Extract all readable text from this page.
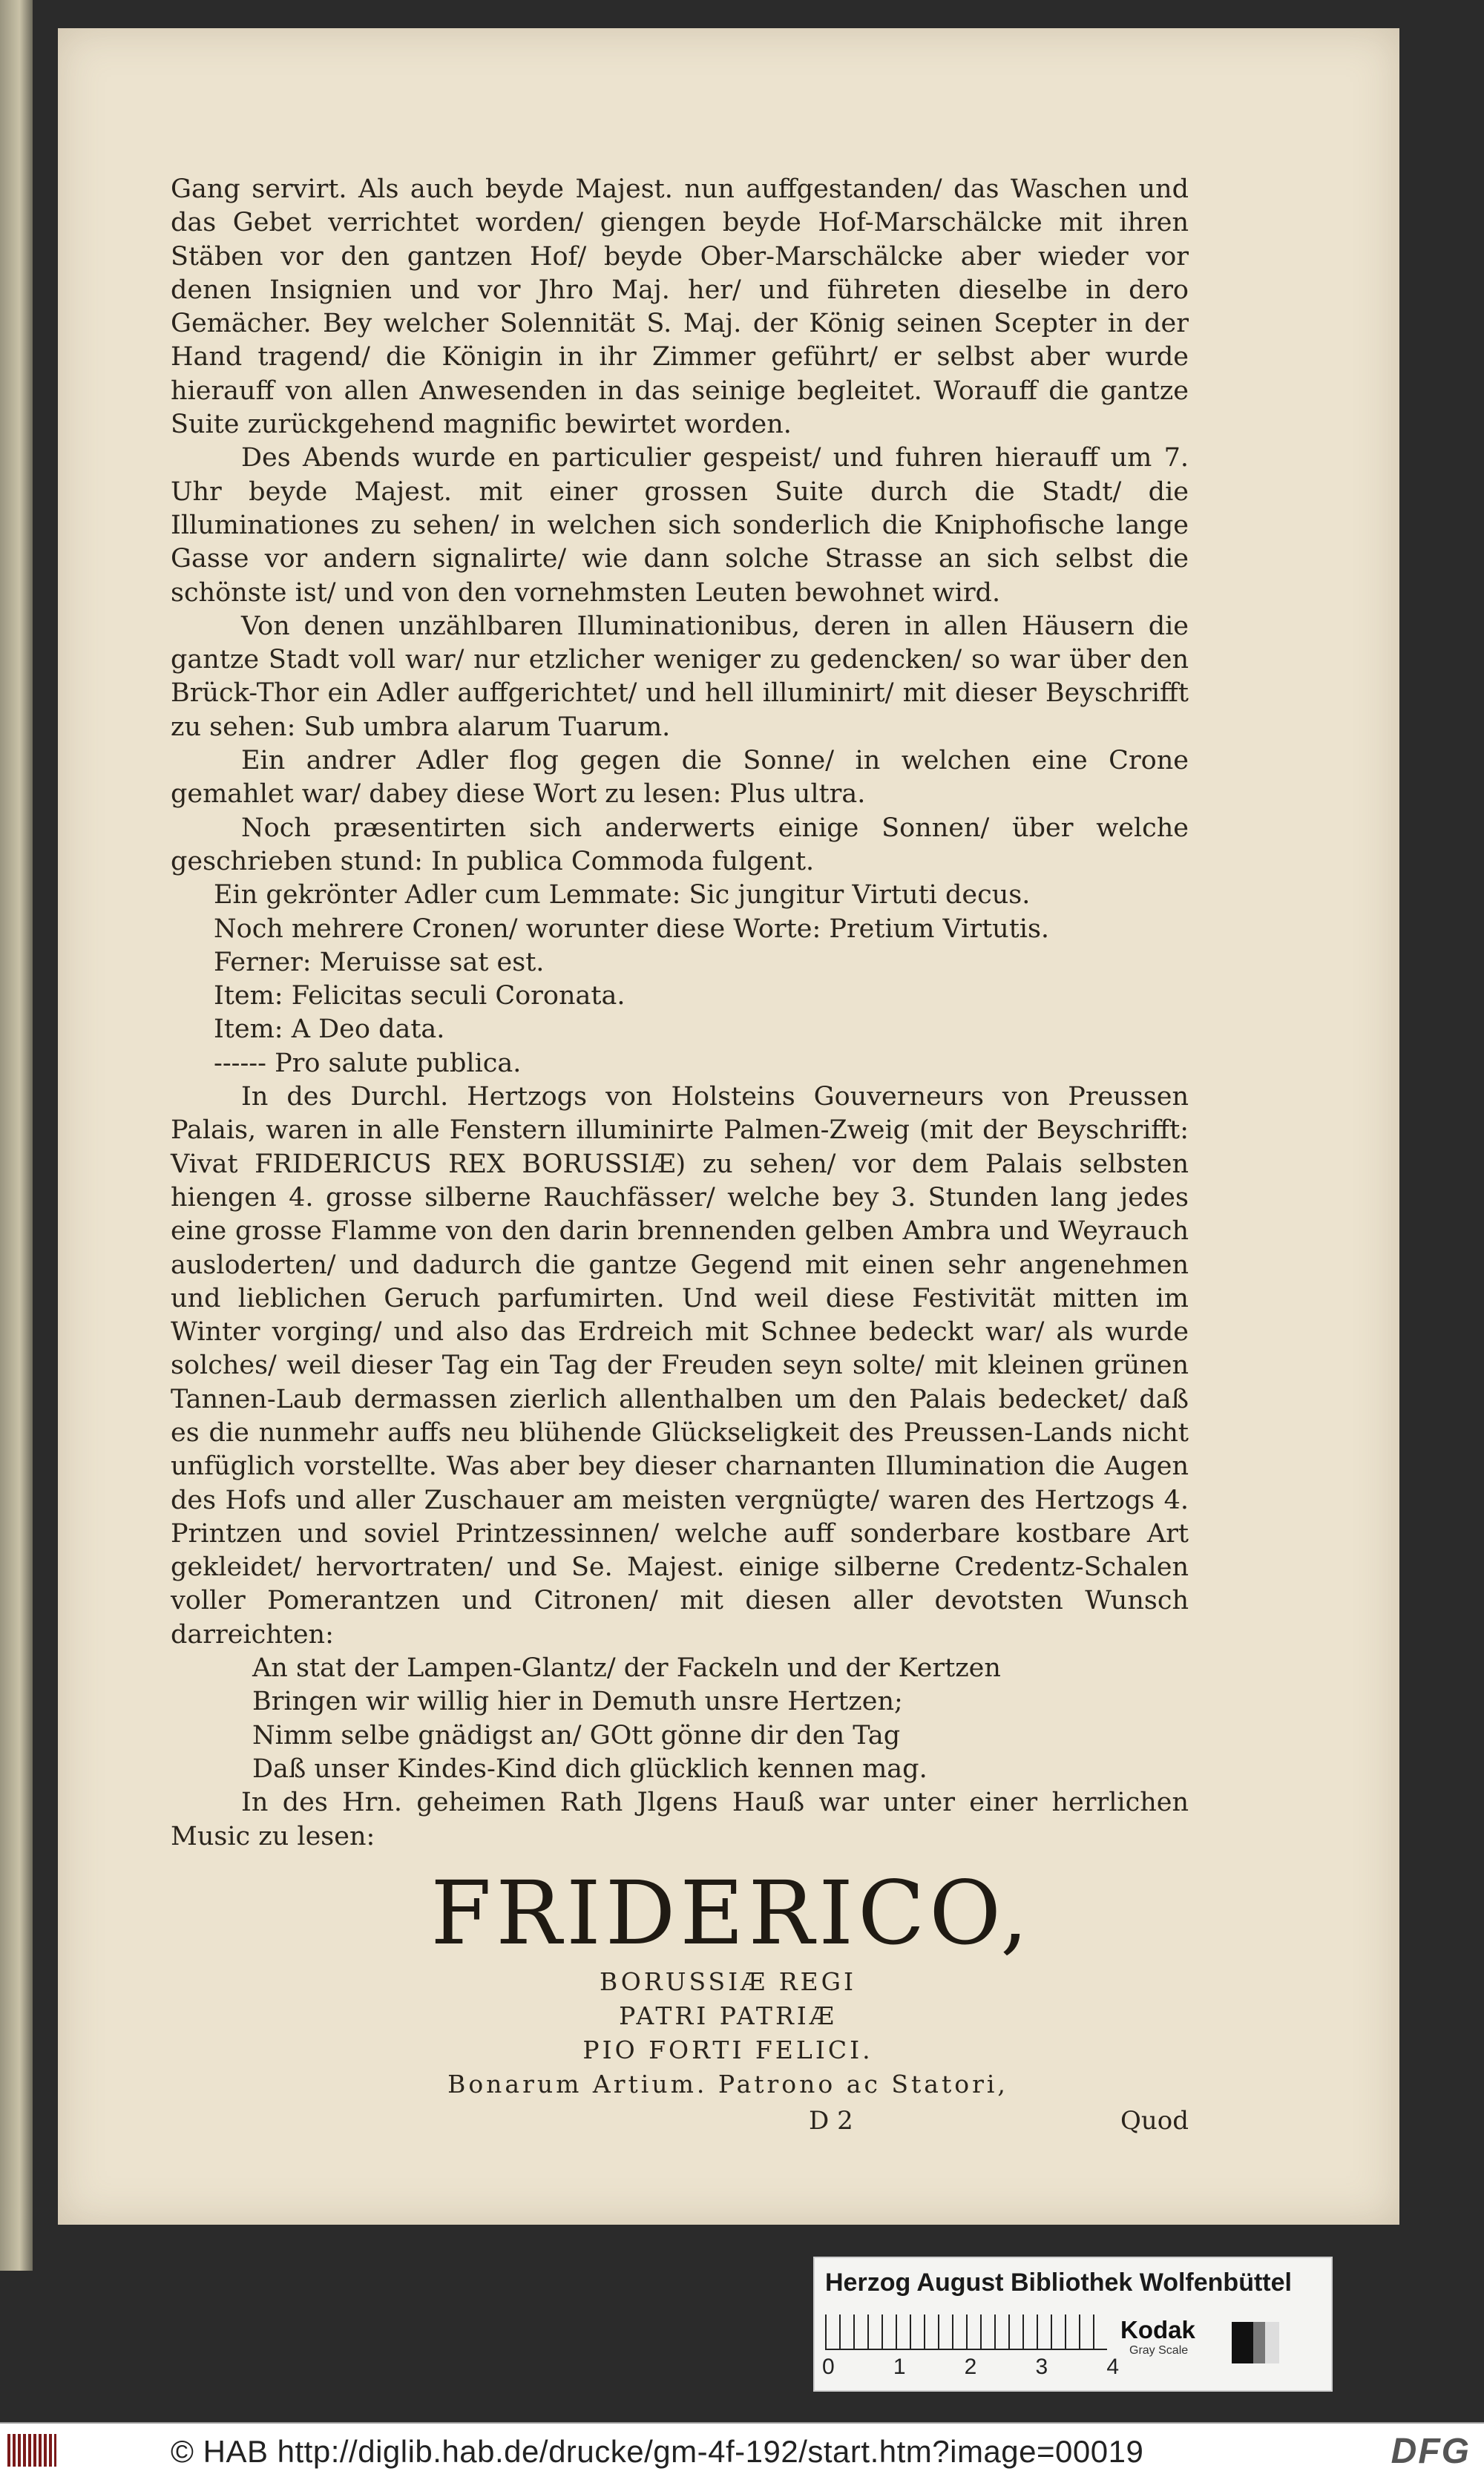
Gang servirt. Als auch beyde Majest. nun auffgestanden/ das Waschen und das Gebet verrichtet worden/ giengen beyde Hof-Marschälcke mit ihren Stäben vor den gantzen Hof/ beyde Ober-Marschälcke aber wieder vor denen Insignien und vor Jhro Maj. her/ und führeten dieselbe in dero Gemächer. Bey welcher Solennität S. Maj. der König seinen Scepter in der Hand tragend/ die Königin in ihr Zimmer geführt/ er selbst aber wurde hierauff von allen Anwesenden in das seinige begleitet. Worauff die gantze Suite zurückgehend magnific bewirtet worden.

Des Abends wurde en particulier gespeist/ und fuhren hierauff um 7. Uhr beyde Majest. mit einer grossen Suite durch die Stadt/ die Illuminationes zu sehen/ in welchen sich sonderlich die Kniphofische lange Gasse vor andern signalirte/ wie dann solche Strasse an sich selbst die schönste ist/ und von den vornehmsten Leuten bewohnet wird.

Von denen unzählbaren Illuminationibus, deren in allen Häusern die gantze Stadt voll war/ nur etzlicher weniger zu gedencken/ so war über den Brück-Thor ein Adler auffgerichtet/ und hell illuminirt/ mit dieser Beyschrifft zu sehen: Sub umbra alarum Tuarum.

Ein andrer Adler flog gegen die Sonne/ in welchen eine Crone gemahlet war/ dabey diese Wort zu lesen: Plus ultra.

Noch præsentirten sich anderwerts einige Sonnen/ über welche geschrieben stund: In publica Commoda fulgent.

Ein gekrönter Adler cum Lemmate: Sic jungitur Virtuti decus.

Noch mehrere Cronen/ worunter diese Worte: Pretium Virtutis.

Ferner: Meruisse sat est.

Item: Felicitas seculi Coronata.

Item: A Deo data.

------ Pro salute publica.

In des Durchl. Hertzogs von Holsteins Gouverneurs von Preussen Palais, waren in alle Fenstern illuminirte Palmen-Zweig (mit der Beyschrifft: Vivat FRIDERICUS REX BORUSSIÆ) zu sehen/ vor dem Palais selbsten hiengen 4. grosse silberne Rauchfässer/ welche bey 3. Stunden lang jedes eine grosse Flamme von den darin brennenden gelben Ambra und Weyrauch ausloderten/ und dadurch die gantze Gegend mit einen sehr angenehmen und lieblichen Geruch parfumirten. Und weil diese Festivität mitten im Winter vorging/ und also das Erdreich mit Schnee bedeckt war/ als wurde solches/ weil dieser Tag ein Tag der Freuden seyn solte/ mit kleinen grünen Tannen-Laub dermassen zierlich allenthalben um den Palais bedecket/ daß es die nunmehr auffs neu blühende Glückseligkeit des Preussen-Lands nicht unfüglich vorstellte. Was aber bey dieser charnanten Illumination die Augen des Hofs und aller Zuschauer am meisten vergnügte/ waren des Hertzogs 4. Printzen und soviel Printzessinnen/ welche auff sonderbare kostbare Art gekleidet/ hervortraten/ und Se. Majest. einige silberne Credentz-Schalen voller Pomerantzen und Citronen/ mit diesen aller devotsten Wunsch darreichten:

An stat der Lampen-Glantz/ der Fackeln und der Kertzen

Bringen wir willig hier in Demuth unsre Hertzen;

Nimm selbe gnädigst an/ GOtt gönne dir den Tag

Daß unser Kindes-Kind dich glücklich kennen mag.

In des Hrn. geheimen Rath Jlgens Hauß war unter einer herrlichen Music zu lesen:

FRIDERICO,
BORUSSIÆ REGI
PATRI PATRIÆ
PIO FORTI FELICI.
Bonarum Artium. Patrono ac Statori,
D 2	Quod
Herzog August Bibliothek Wolfenbüttel
0	1	2	3	4
Kodak
Gray Scale
© HAB http://diglib.hab.de/drucke/gm-4f-192/start.htm?image=00019	DFG
